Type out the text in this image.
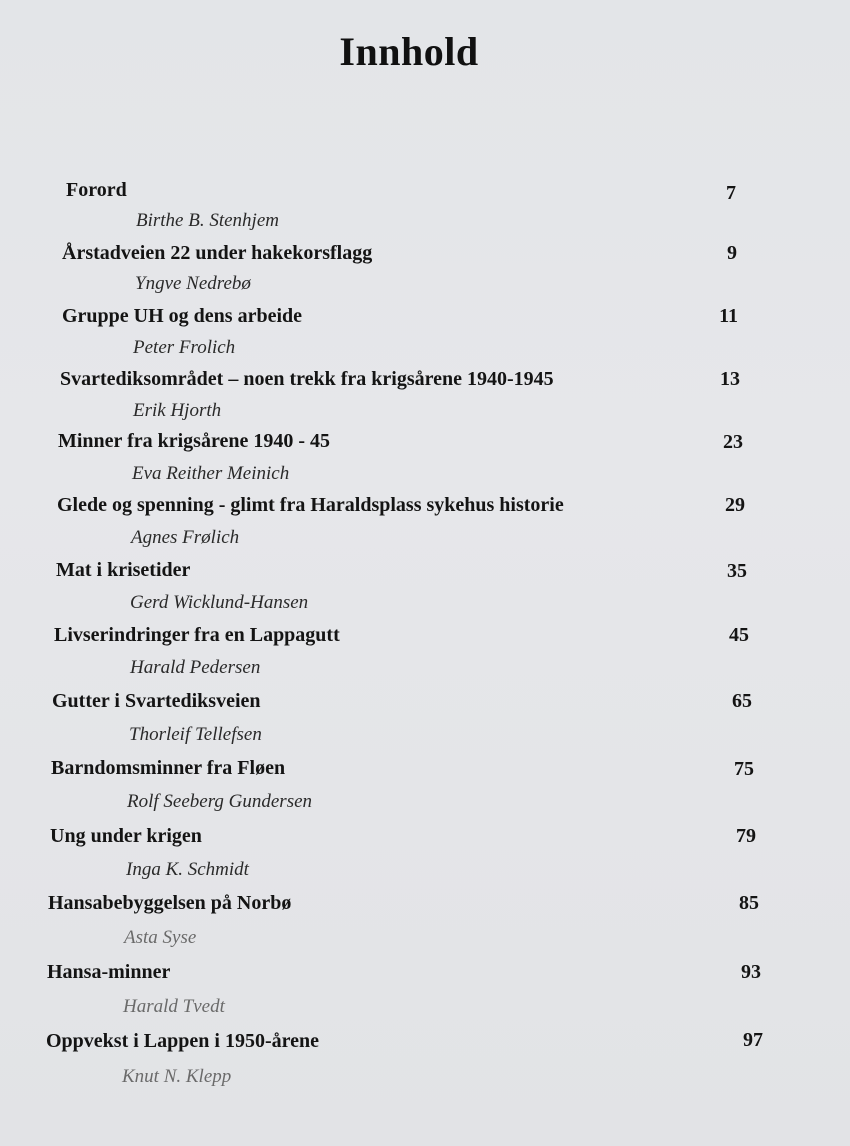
Innhold
Forord
Birthe B. Stenhjem
7
Årstadveien 22 under hakekorsflagg
Yngve Nedrebø
9
Gruppe UH og dens arbeide
Peter Frolich
11
Svartediksområdet – noen trekk fra krigsårene 1940-1945
Erik Hjorth
13
Minner fra krigsårene 1940 - 45
Eva Reither Meinich
23
Glede og spenning - glimt fra Haraldsplass sykehus historie
Agnes Frølich
29
Mat i krisetider
Gerd Wicklund-Hansen
35
Livserindringer fra en Lappagutt
Harald Pedersen
45
Gutter i Svartediksveien
Thorleif Tellefsen
65
Barndomsminner fra Fløen
Rolf Seeberg Gundersen
75
Ung under krigen
Inga K. Schmidt
79
Hansabebyggelsen på Norbø
Asta Syse
85
Hansa-minner
Harald Tvedt
93
Oppvekst i Lappen i 1950-årene
Knut N. Klepp
97
